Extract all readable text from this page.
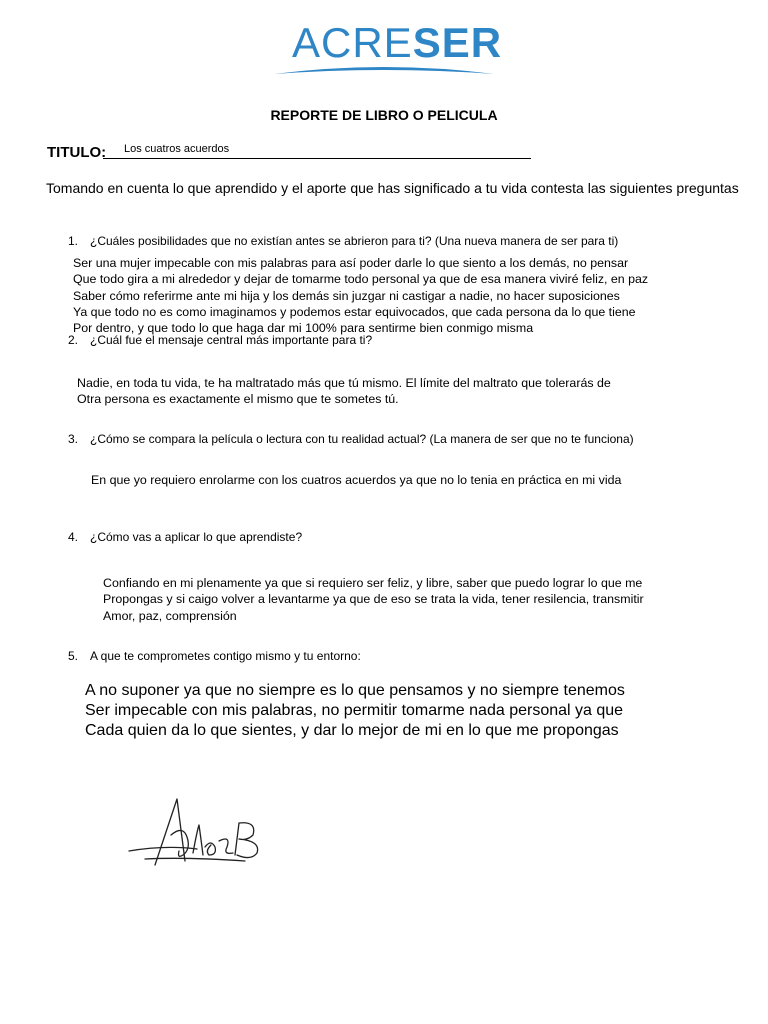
ACRESER
REPORTE DE LIBRO O PELICULA
TITULO: Los cuatros acuerdos
Tomando en cuenta lo que aprendido y el aporte que has significado a tu vida contesta las siguientes preguntas
1. ¿Cuáles posibilidades que no existían antes se abrieron para ti? (Una nueva manera de ser para ti)
Ser una mujer impecable con mis palabras para así poder darle lo que siento a los demás, no pensar
Que todo gira a mi alrededor y dejar de tomarme todo personal ya que de esa manera viviré feliz, en paz
Saber cómo referirme ante mi hija y los demás sin juzgar ni castigar a nadie, no hacer suposiciones
Ya que todo no es como imaginamos y podemos estar equivocados, que cada persona da lo que tiene
Por dentro, y que todo lo que haga dar mi 100% para sentirme bien conmigo misma
2. ¿Cuál fue el mensaje central más importante para ti?
Nadie, en toda tu vida, te ha maltratado más que tú mismo. El límite del maltrato que tolerarás de
Otra persona es exactamente el mismo que te sometes tú.
3. ¿Cómo se compara la película o lectura con tu realidad actual? (La manera de ser que no te funciona)
En que yo requiero enrolarme con los cuatros acuerdos ya que no lo tenia en práctica en mi vida
4. ¿Cómo vas a aplicar lo que aprendiste?
Confiando en mi plenamente ya que si requiero ser feliz, y libre, saber que puedo lograr lo que me
Propongas y si caigo volver a levantarme ya que de eso se trata la vida, tener resilencia, transmitir
Amor, paz, comprensión
5. A que te comprometes contigo mismo y tu entorno:
A no suponer ya que no siempre es lo que pensamos y no siempre tenemos
Ser impecable con mis palabras, no permitir tomarme nada personal ya que
Cada quien da lo que sientes, y dar lo mejor de mi en lo que me propongas
